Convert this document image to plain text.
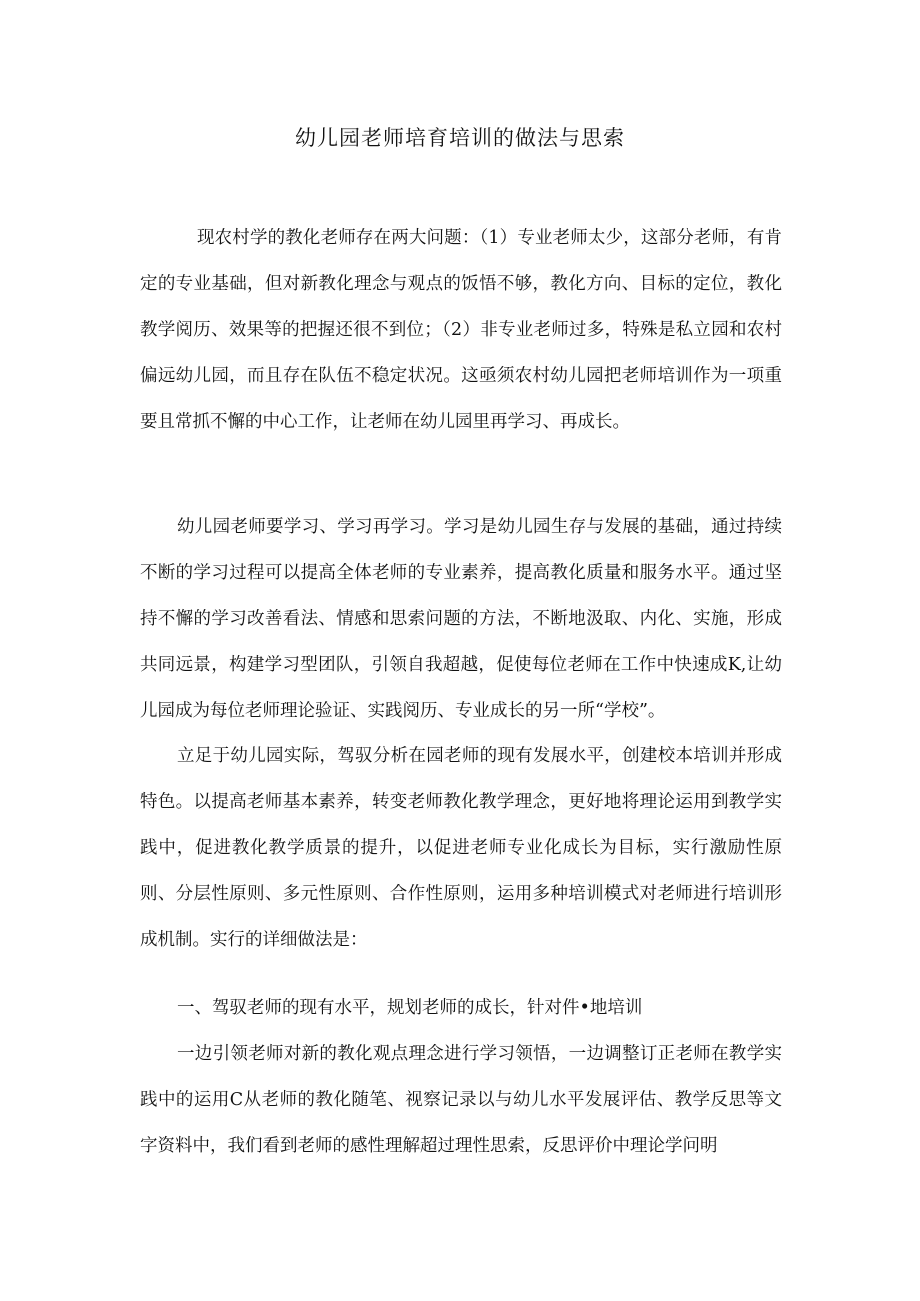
幼儿园老师培育培训的做法与思索

现农村学的教化老师存在两大问题：（1）专业老师太少，这部分老师，有肯定的专业基础，但对新教化理念与观点的饭悟不够，教化方向、目标的定位，教化教学阅历、效果等的把握还很不到位；（2）非专业老师过多，特殊是私立园和农村偏远幼儿园，而且存在队伍不稳定状况。这亟须农村幼儿园把老师培训作为一项重要且常抓不懈的中心工作，让老师在幼儿园里再学习、再成长。

幼儿园老师要学习、学习再学习。学习是幼儿园生存与发展的基础，通过持续不断的学习过程可以提高全体老师的专业素养，提高教化质量和服务水平。通过坚持不懈的学习改善看法、情感和思索问题的方法，不断地汲取、内化、实施，形成共同远景，构建学习型团队，引领自我超越，促使每位老师在工作中快速成K,让幼儿园成为每位老师理论验证、实践阅历、专业成长的另一所“学校”。

立足于幼儿园实际，驾驭分析在园老师的现有发展水平，创建校本培训并形成特色。以提高老师基本素养，转变老师教化教学理念，更好地将理论运用到教学实践中，促进教化教学质景的提升，以促进老师专业化成长为目标，实行激励性原则、分层性原则、多元性原则、合作性原则，运用多种培训模式对老师进行培训形成机制。实行的详细做法是：

一、驾驭老师的现有水平，规划老师的成长，针对件•地培训

一边引领老师对新的教化观点理念进行学习领悟，一边调整订正老师在教学实践中的运用C从老师的教化随笔、视察记录以与幼儿水平发展评估、教学反思等文字资料中，我们看到老师的感性理解超过理性思索，反思评价中理论学问明
